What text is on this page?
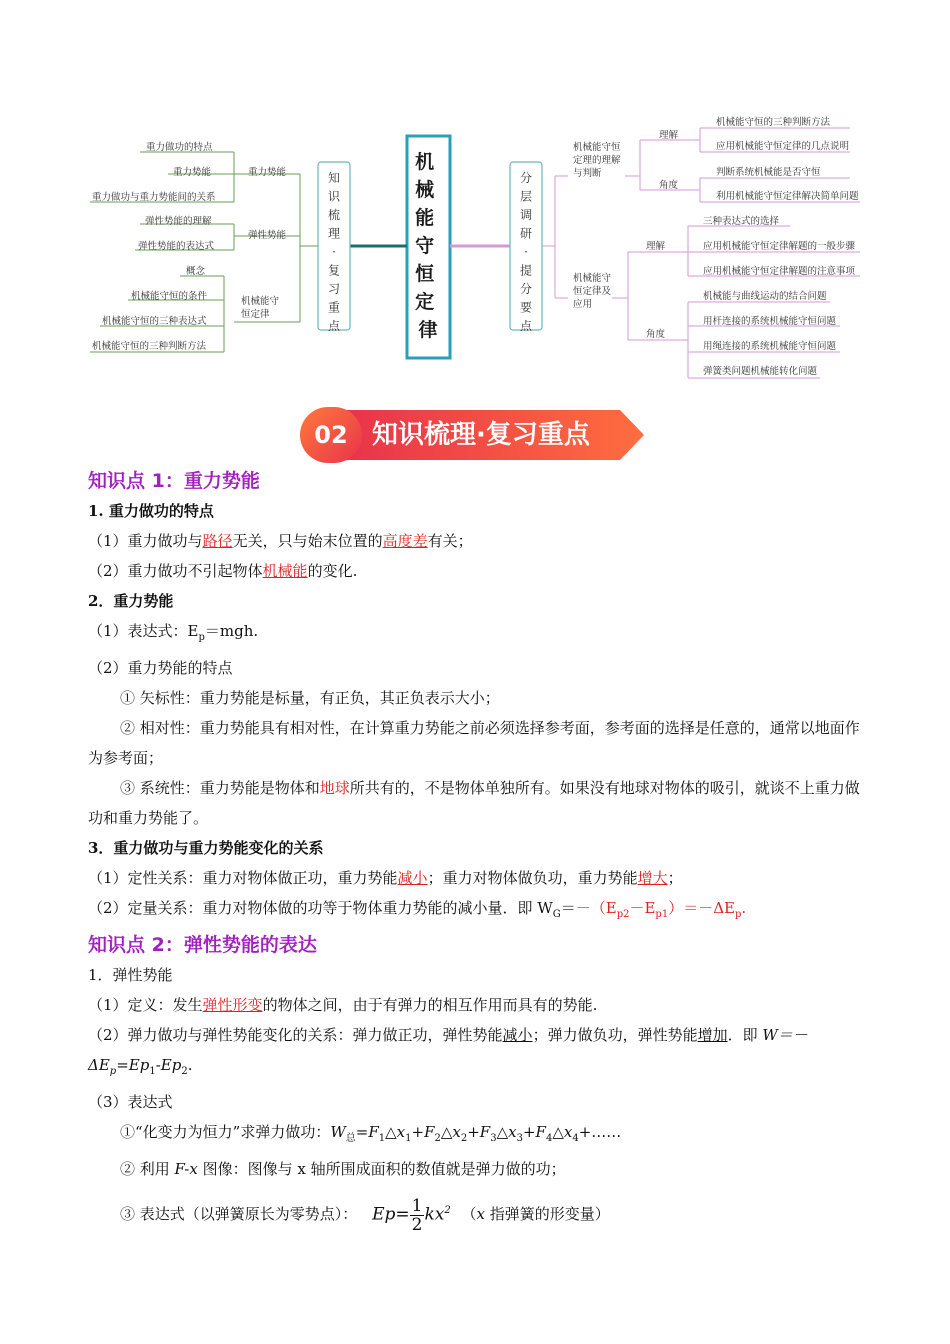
机 械 能 守 恒 定 律
知
识
梳
理
·
复
习
重
点
分
层
调
研
·
提
分
要
点
重力势能
重力做功的特点
重力势能
重力做功与重力势能间的关系
弹性势能
弹性势能的理解
弹性势能的表达式
机械能守恒定律
概念
机械能守恒的条件
机械能守恒的三种表达式
机械能守恒的三种判断方法
机械能守恒定理的理解与判断
理解
角度
机械能守恒的三种判断方法
应用机械能守恒定律的几点说明
判断系统机械能是否守恒
利用机械能守恒定律解决简单问题
机械能守恒定律及应用
理解
角度
三种表达式的选择
应用机械能守恒定律解题的一般步骤
应用机械能守恒定律解题的注意事项
机械能与曲线运动的结合问题
用杆连接的系统机械能守恒问题
用绳连接的系统机械能守恒问题
弹簧类问题机械能转化问题
02 知识梳理·复习重点
知识点 1：重力势能

1. 重力做功的特点

（1）重力做功与路径无关，只与始末位置的高度差有关；

（2）重力做功不引起物体机械能的变化.

2．重力势能

（1）表达式：$E_p=mgh$.

（2）重力势能的特点

① 矢标性：重力势能是标量，有正负，其正负表示大小；

② 相对性：重力势能具有相对性，在计算重力势能之前必须选择参考面，参考面的选择是任意的，通常以地面作为参考面；

③ 系统性：重力势能是物体和地球所共有的，不是物体单独所有。如果没有地球对物体的吸引，就谈不上重力做功和重力势能了。

3．重力做功与重力势能变化的关系

（1）定性关系：重力对物体做正功，重力势能减小；重力对物体做负功，重力势能增大；

（2）定量关系：重力对物体做的功等于物体重力势能的减小量．即 $W_G=-(E_{p2}-E_{p1})=-\Delta E_p$.

知识点 2：弹性势能的表达

1．弹性势能

（1）定义：发生弹性形变的物体之间，由于有弹力的相互作用而具有的势能.

（2）弹力做功与弹性势能变化的关系：弹力做正功，弹性势能减小；弹力做负功，弹性势能增加．即 $W=-\Delta E_p=Ep_1-Ep_2$.

（3）表达式

①“化变力为恒力”求弹力做功：$W_总=F_1\triangle x_1+F_2\triangle x_2+F_3\triangle x_3+F_4\triangle x_4+\dots\dots$

② 利用 F-x 图像：图像与 x 轴所围成面积的数值就是弹力做的功；

③ 表达式（以弹簧原长为零势点）： $Ep= \frac{1}{2} kx^2$ （x 指弹簧的形变量）
